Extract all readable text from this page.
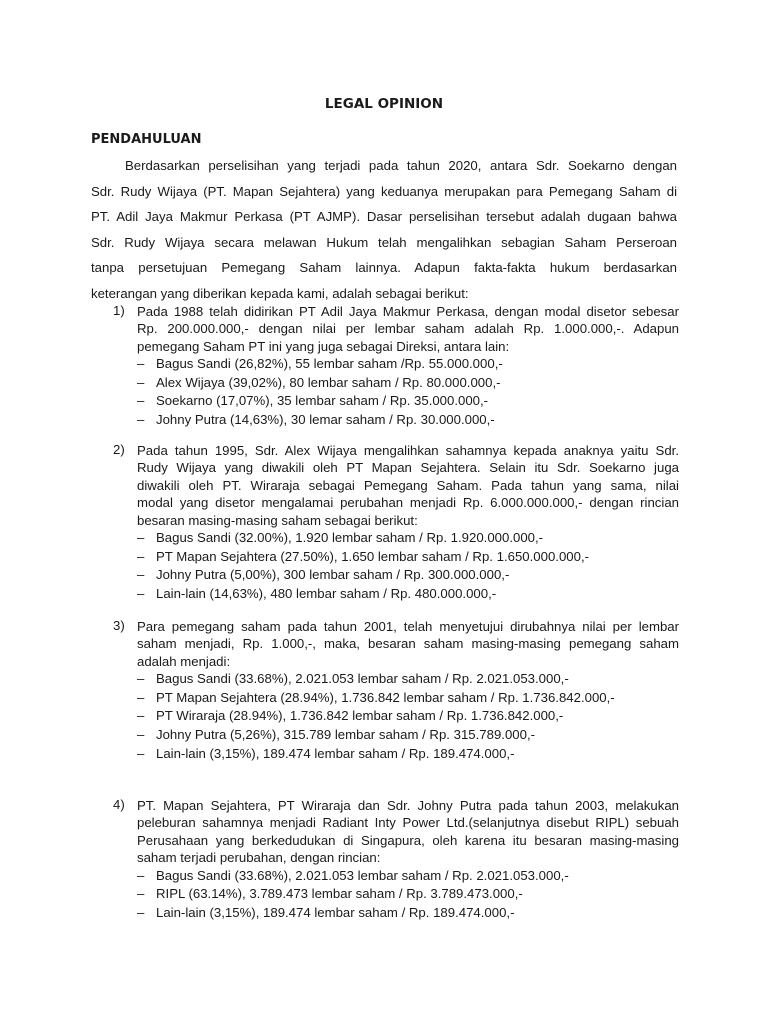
LEGAL OPINION
PENDAHULUAN
Berdasarkan perselisihan yang terjadi pada tahun 2020, antara Sdr. Soekarno dengan
Sdr. Rudy Wijaya (PT. Mapan Sejahtera) yang keduanya merupakan para Pemegang Saham di
PT. Adil Jaya Makmur Perkasa (PT AJMP). Dasar perselisihan tersebut adalah dugaan bahwa
Sdr. Rudy Wijaya secara melawan Hukum telah mengalihkan sebagian Saham Perseroan
tanpa persetujuan Pemegang Saham lainnya. Adapun fakta-fakta hukum berdasarkan
keterangan yang diberikan kepada kami, adalah sebagai berikut:
1) Pada 1988 telah didirikan PT Adil Jaya Makmur Perkasa, dengan modal disetor sebesar
Rp. 200.000.000,- dengan nilai per lembar saham adalah Rp. 1.000.000,-. Adapun
pemegang Saham PT ini yang juga sebagai Direksi, antara lain:
– Bagus Sandi (26,82%), 55 lembar saham /Rp. 55.000.000,-
– Alex Wijaya (39,02%), 80 lembar saham / Rp. 80.000.000,-
– Soekarno (17,07%), 35 lembar saham / Rp. 35.000.000,-
– Johny Putra (14,63%), 30 lemar saham / Rp. 30.000.000,-
2) Pada tahun 1995, Sdr. Alex Wijaya mengalihkan sahamnya kepada anaknya yaitu Sdr.
Rudy Wijaya yang diwakili oleh PT Mapan Sejahtera. Selain itu Sdr. Soekarno juga
diwakili oleh PT. Wiraraja sebagai Pemegang Saham. Pada tahun yang sama, nilai
modal yang disetor mengalamai perubahan menjadi Rp. 6.000.000.000,- dengan rincian
besaran masing-masing saham sebagai berikut:
– Bagus Sandi (32.00%), 1.920 lembar saham / Rp. 1.920.000.000,-
– PT Mapan Sejahtera (27.50%), 1.650 lembar saham / Rp. 1.650.000.000,-
– Johny Putra (5,00%), 300 lembar saham / Rp. 300.000.000,-
– Lain-lain (14,63%), 480 lembar saham / Rp. 480.000.000,-
3) Para pemegang saham pada tahun 2001, telah menyetujui dirubahnya nilai per lembar
saham menjadi, Rp. 1.000,-, maka, besaran saham masing-masing pemegang saham
adalah menjadi:
– Bagus Sandi (33.68%), 2.021.053 lembar saham / Rp. 2.021.053.000,-
– PT Mapan Sejahtera (28.94%), 1.736.842 lembar saham / Rp. 1.736.842.000,-
– PT Wiraraja (28.94%), 1.736.842 lembar saham / Rp. 1.736.842.000,-
– Johny Putra (5,26%), 315.789 lembar saham / Rp. 315.789.000,-
– Lain-lain (3,15%), 189.474 lembar saham / Rp. 189.474.000,-
4) PT. Mapan Sejahtera, PT Wiraraja dan Sdr. Johny Putra pada tahun 2003, melakukan
peleburan sahamnya menjadi Radiant Inty Power Ltd.(selanjutnya disebut RIPL) sebuah
Perusahaan yang berkedudukan di Singapura, oleh karena itu besaran masing-masing
saham terjadi perubahan, dengan rincian:
– Bagus Sandi (33.68%), 2.021.053 lembar saham / Rp. 2.021.053.000,-
– RIPL (63.14%), 3.789.473 lembar saham / Rp. 3.789.473.000,-
– Lain-lain (3,15%), 189.474 lembar saham / Rp. 189.474.000,-
